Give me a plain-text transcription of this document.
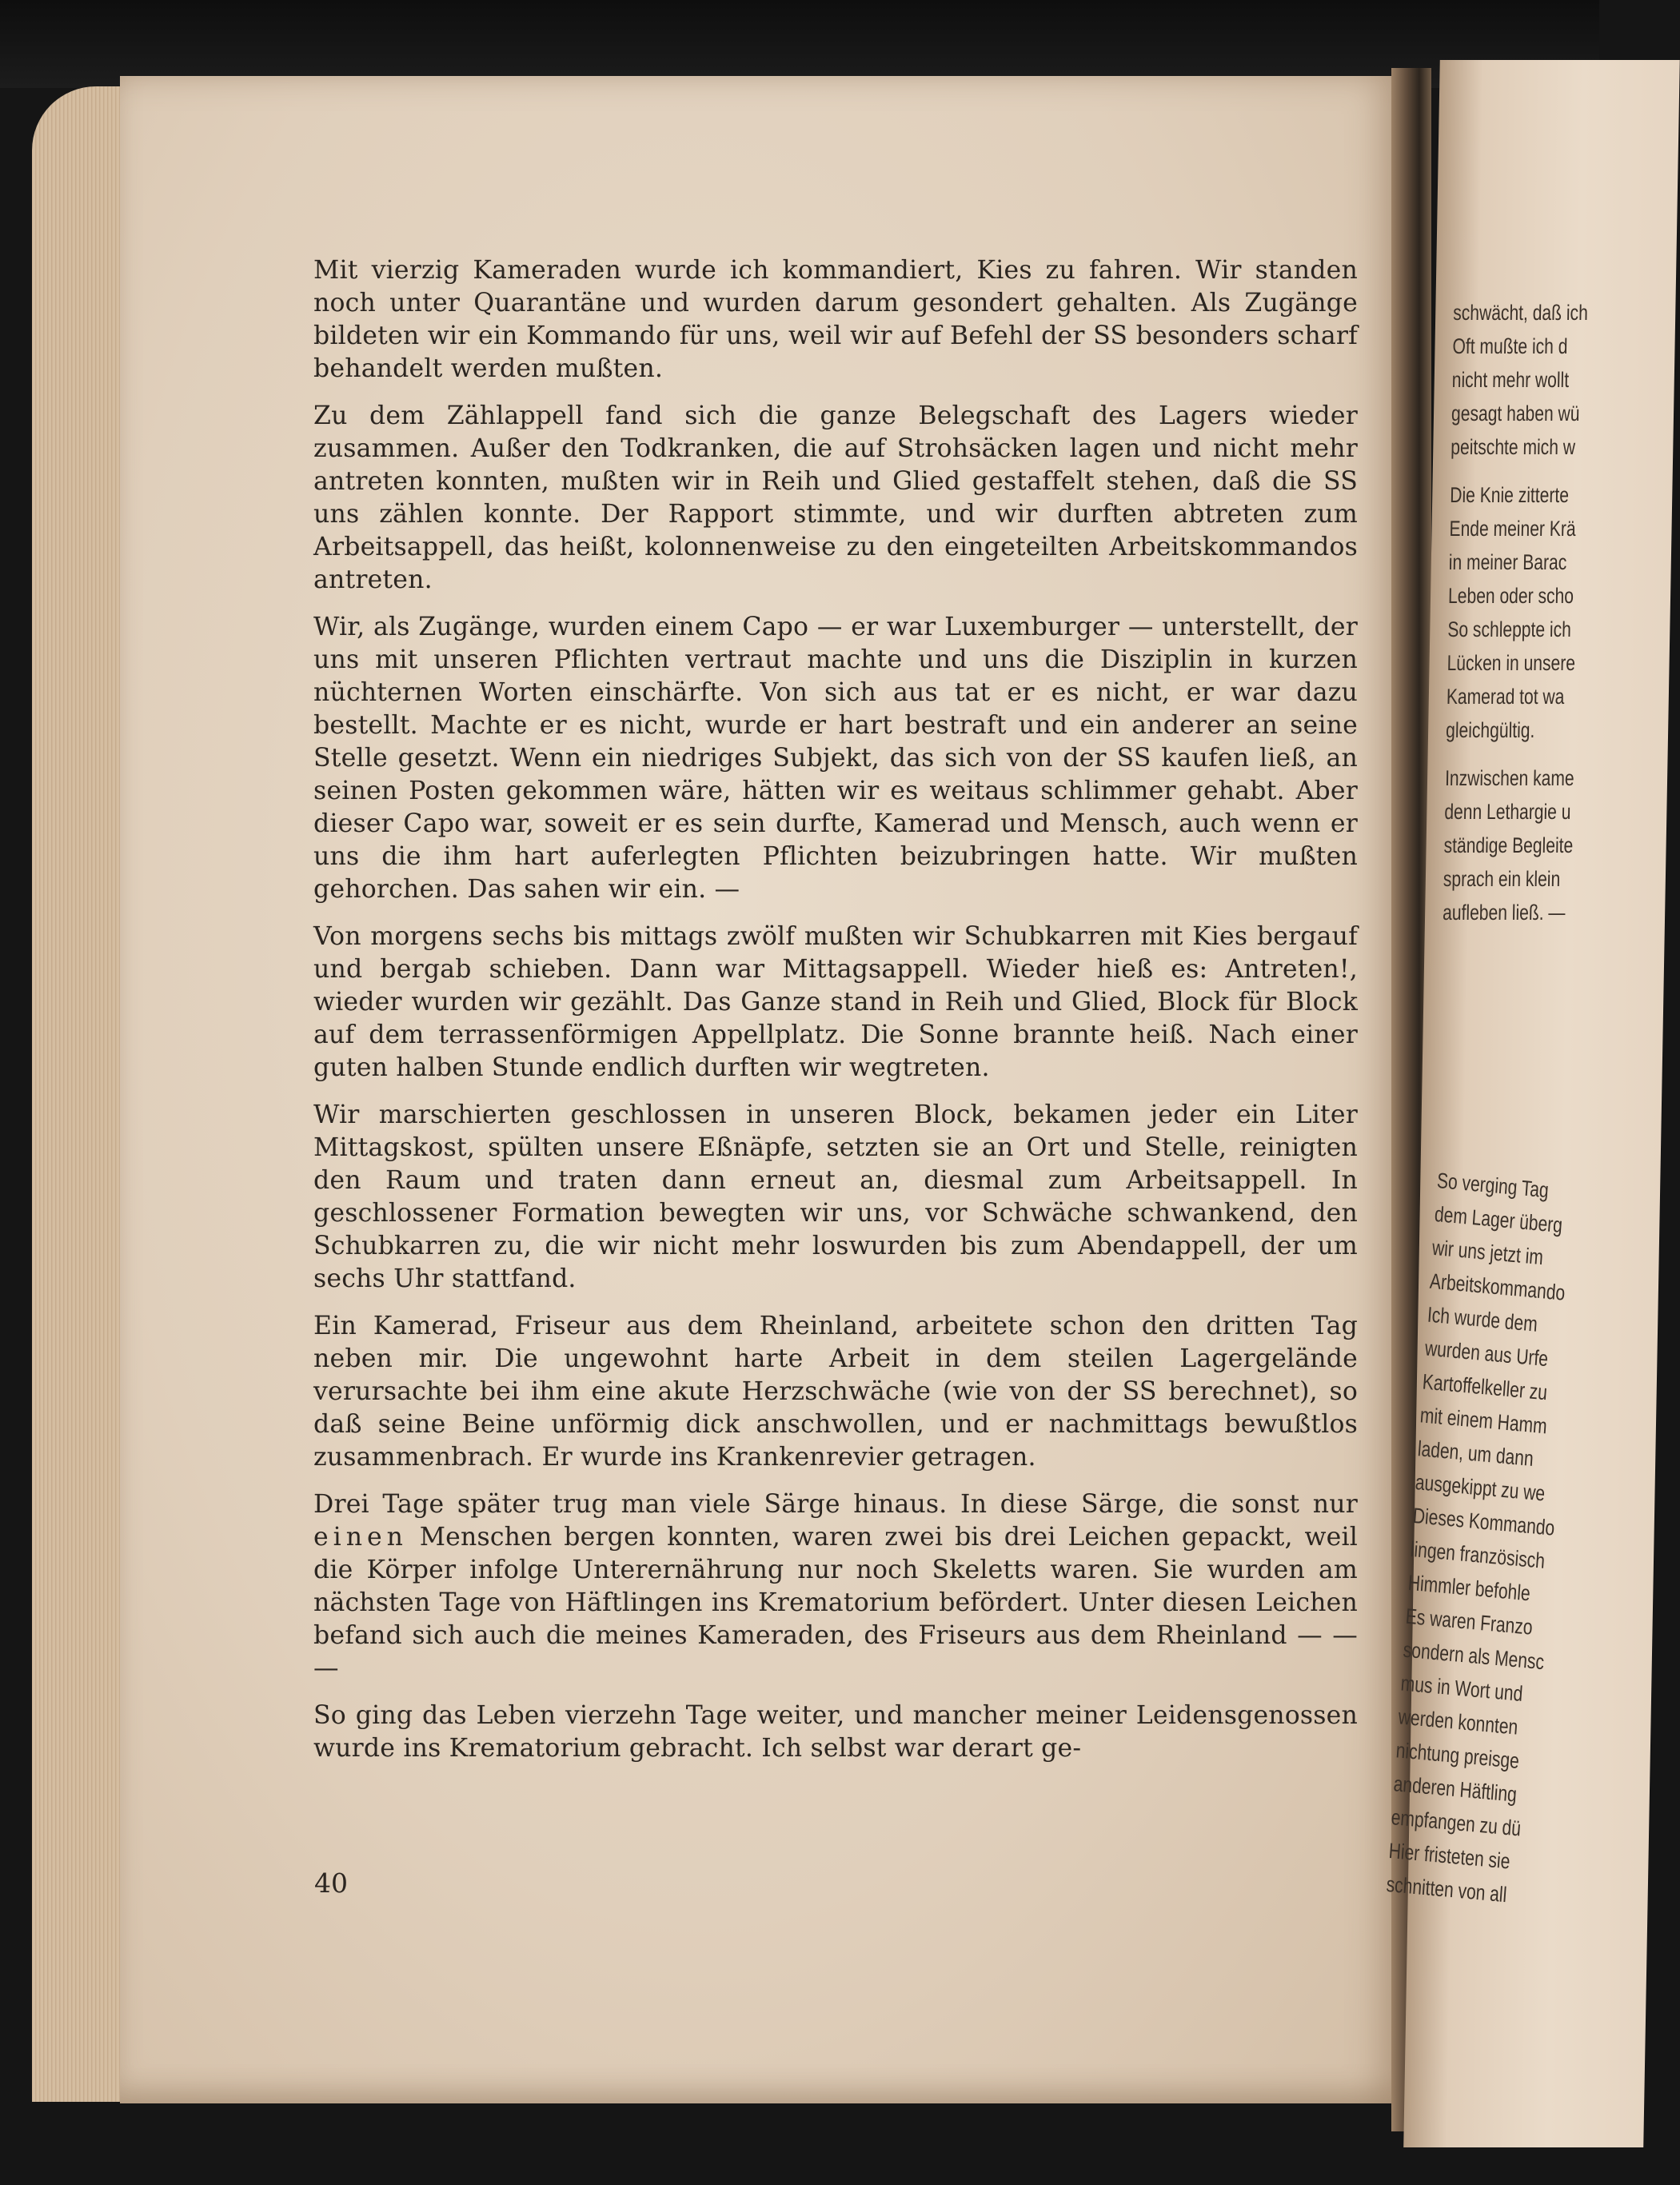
schwächt, daß ich
Oft mußte ich d
nicht mehr wollt
gesagt haben wü
peitschte mich w

Die Knie zitterte
Ende meiner Krä
in meiner Barac
Leben oder scho
So schleppte ich
Lücken in unsere
Kamerad tot wa
gleichgültig.

Inzwischen kame
denn Lethargie u
ständige Begleite
sprach ein klein
aufleben ließ. —

So verging Tag
dem Lager überg
wir uns jetzt im
Arbeitskommando
Ich wurde dem
wurden aus Urfe
Kartoffelkeller zu
mit einem Hamm
laden, um dann
ausgekippt zu we
Dieses Kommando
lingen französisch
Himmler befohle
Es waren Franzo
sondern als Mensc
mus in Wort und
werden konnten
nichtung preisge
anderen Häftling
empfangen zu dü
Hier fristeten sie
schnitten von all

Mit vierzig Kameraden wurde ich kommandiert, Kies zu fahren. Wir standen noch unter Quarantäne und wurden darum gesondert gehalten. Als Zugänge bildeten wir ein Kommando für uns, weil wir auf Befehl der SS besonders scharf behandelt werden mußten.

Zu dem Zählappell fand sich die ganze Belegschaft des Lagers wieder zusammen. Außer den Todkranken, die auf Strohsäcken lagen und nicht mehr antreten konnten, mußten wir in Reih und Glied gestaffelt stehen, daß die SS uns zählen konnte. Der Rapport stimmte, und wir durften abtreten zum Arbeitsappell, das heißt, kolonnenweise zu den eingeteilten Arbeitskommandos antreten.

Wir, als Zugänge, wurden einem Capo — er war Luxemburger — unterstellt, der uns mit unseren Pflichten vertraut machte und uns die Disziplin in kurzen nüchternen Worten einschärfte. Von sich aus tat er es nicht, er war dazu bestellt. Machte er es nicht, wurde er hart bestraft und ein anderer an seine Stelle gesetzt. Wenn ein niedriges Subjekt, das sich von der SS kaufen ließ, an seinen Posten gekommen wäre, hätten wir es weitaus schlimmer gehabt. Aber dieser Capo war, soweit er es sein durfte, Kamerad und Mensch, auch wenn er uns die ihm hart auferlegten Pflichten beizubringen hatte. Wir mußten gehorchen. Das sahen wir ein. —

Von morgens sechs bis mittags zwölf mußten wir Schubkarren mit Kies bergauf und bergab schieben. Dann war Mittagsappell. Wieder hieß es: Antreten!, wieder wurden wir gezählt. Das Ganze stand in Reih und Glied, Block für Block auf dem terrassenförmigen Appellplatz. Die Sonne brannte heiß. Nach einer guten halben Stunde endlich durften wir wegtreten.

Wir marschierten geschlossen in unseren Block, bekamen jeder ein Liter Mittagskost, spülten unsere Eßnäpfe, setzten sie an Ort und Stelle, reinigten den Raum und traten dann erneut an, diesmal zum Arbeitsappell. In geschlossener Formation bewegten wir uns, vor Schwäche schwankend, den Schubkarren zu, die wir nicht mehr loswurden bis zum Abendappell, der um sechs Uhr stattfand.

Ein Kamerad, Friseur aus dem Rheinland, arbeitete schon den dritten Tag neben mir. Die ungewohnt harte Arbeit in dem steilen Lagergelände verursachte bei ihm eine akute Herzschwäche (wie von der SS berechnet), so daß seine Beine unförmig dick anschwollen, und er nachmittags bewußtlos zusammenbrach. Er wurde ins Krankenrevier getragen.

Drei Tage später trug man viele Särge hinaus. In diese Särge, die sonst nur einen Menschen bergen konnten, waren zwei bis drei Leichen gepackt, weil die Körper infolge Unterernährung nur noch Skeletts waren. Sie wurden am nächsten Tage von Häftlingen ins Krematorium befördert. Unter diesen Leichen befand sich auch die meines Kameraden, des Friseurs aus dem Rheinland — — —

So ging das Leben vierzehn Tage weiter, und mancher meiner Leidensgenossen wurde ins Krematorium gebracht. Ich selbst war derart ge-

40
